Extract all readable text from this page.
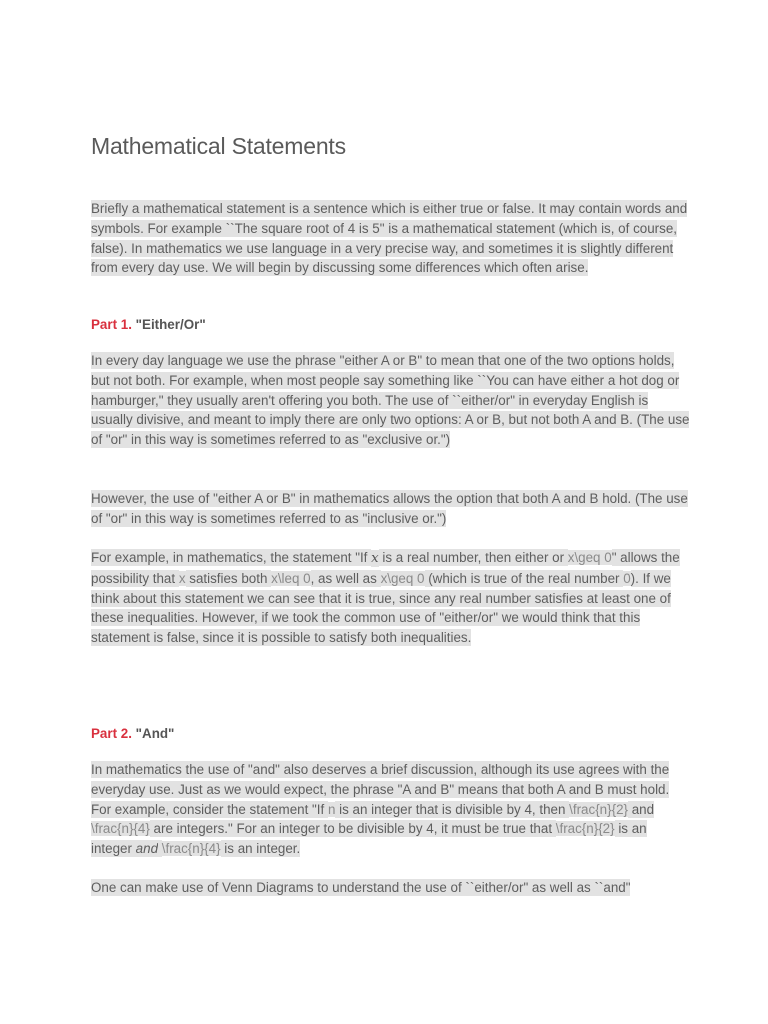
Mathematical Statements

Briefly a mathematical statement is a sentence which is either true or false. It may contain words and symbols. For example ``The square root of 4 is 5" is a mathematical statement (which is, of course, false). In mathematics we use language in a very precise way, and sometimes it is slightly different from every day use. We will begin by discussing some differences which often arise.

Part 1. "Either/Or"

In every day language we use the phrase "either A or B" to mean that one of the two options holds, but not both. For example, when most people say something like ``You can have either a hot dog or hamburger," they usually aren't offering you both. The use of ``either/or" in everyday English is usually divisive, and meant to imply there are only two options: A or B, but not both A and B. (The use of "or" in this way is sometimes referred to as "exclusive or.")

However, the use of "either A or B" in mathematics allows the option that both A and B hold. (The use of "or" in this way is sometimes referred to as "inclusive or.")

For example, in mathematics, the statement "If x is a real number, then either or x\geq 0" allows the possibility that x satisfies both x\leq 0, as well as x\geq 0 (which is true of the real number 0). If we think about this statement we can see that it is true, since any real number satisfies at least one of these inequalities. However, if we took the common use of "either/or" we would think that this statement is false, since it is possible to satisfy both inequalities.

Part 2. "And"

In mathematics the use of "and" also deserves a brief discussion, although its use agrees with the everyday use. Just as we would expect, the phrase "A and B" means that both A and B must hold. For example, consider the statement "If n is an integer that is divisible by 4, then \frac{n}{2} and \frac{n}{4} are integers." For an integer to be divisible by 4, it must be true that \frac{n}{2} is an integer and \frac{n}{4} is an integer.

One can make use of Venn Diagrams to understand the use of ``either/or" as well as ``and"
